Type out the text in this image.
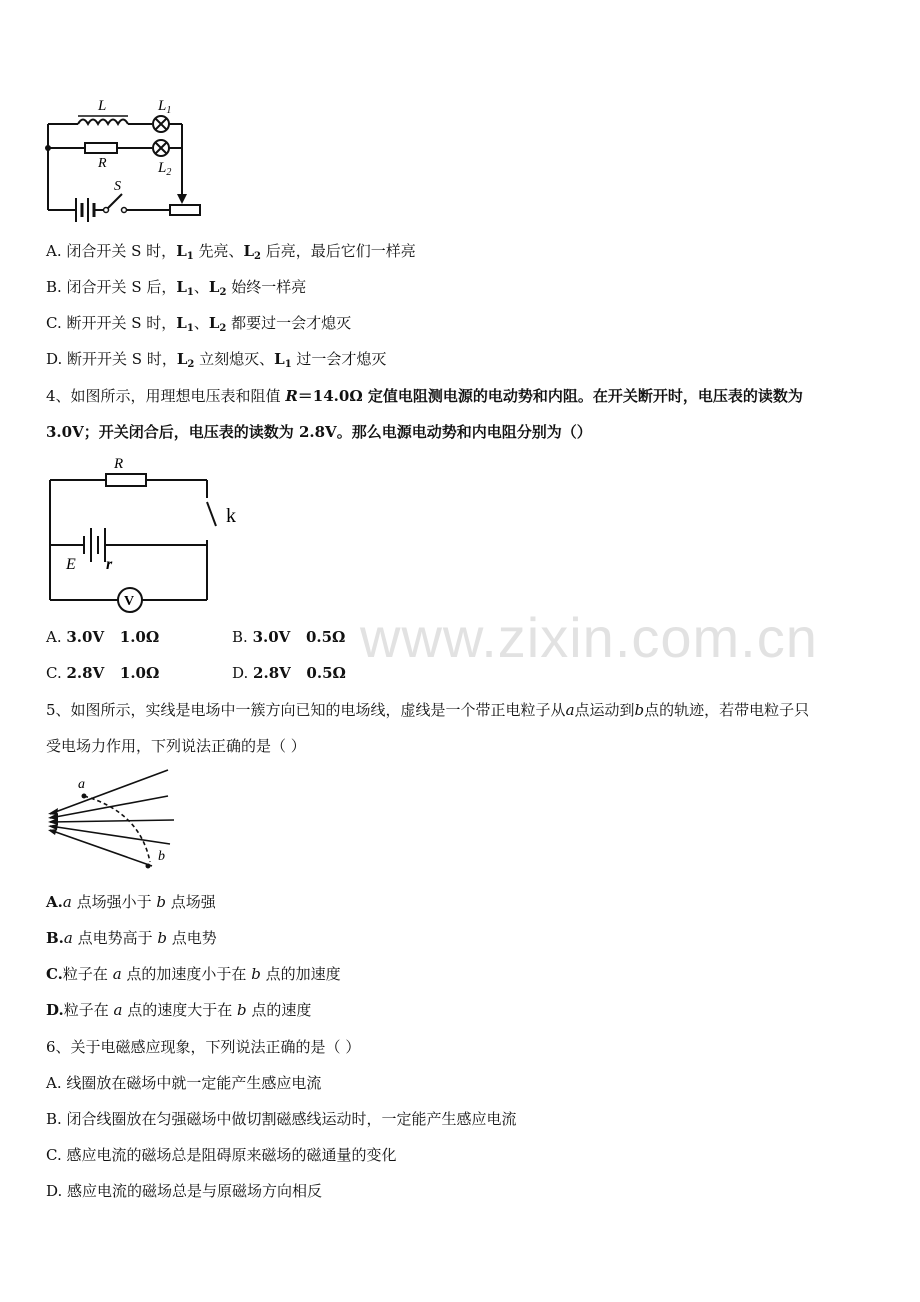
www.zixin.com.cn
L	$L_1$
$L_2$
R
S
A. 闭合开关 S 时，$L_1$ 先亮、$L_2$ 后亮，最后它们一样亮
B. 闭合开关 S 后，$L_1$、$L_2$ 始终一样亮
C. 断开开关 S 时，$L_1$、$L_2$ 都要过一会才熄灭
D. 断开开关 S 时，$L_2$ 立刻熄灭、$L_1$ 过一会才熄灭
4、如图所示，用理想电压表和阻值 R＝14.0Ω 定值电阻测电源的电动势和内阻。在开关断开时，电压表的读数为
3.0V；开关闭合后，电压表的读数为 2.8V。那么电源电动势和内电阻分别为（）
R
k
E r
V
A. 3.0V   1.0Ω	B. 3.0V   0.5Ω
C. 2.8V   1.0Ω	D. 2.8V   0.5Ω
5、如图所示，实线是电场中一簇方向已知的电场线，虚线是一个带正电粒子从a点运动到b点的轨迹，若带电粒子只
受电场力作用，下列说法正确的是（ ）
a
b
A.a 点场强小于 b 点场强
B.a 点电势高于 b 点电势
C.粒子在 a 点的加速度小于在 b 点的加速度
D.粒子在 a 点的速度大于在 b 点的速度
6、关于电磁感应现象，下列说法正确的是（ ）
A. 线圈放在磁场中就一定能产生感应电流
B. 闭合线圈放在匀强磁场中做切割磁感线运动时，一定能产生感应电流
C. 感应电流的磁场总是阻碍原来磁场的磁通量的变化
D. 感应电流的磁场总是与原磁场方向相反
